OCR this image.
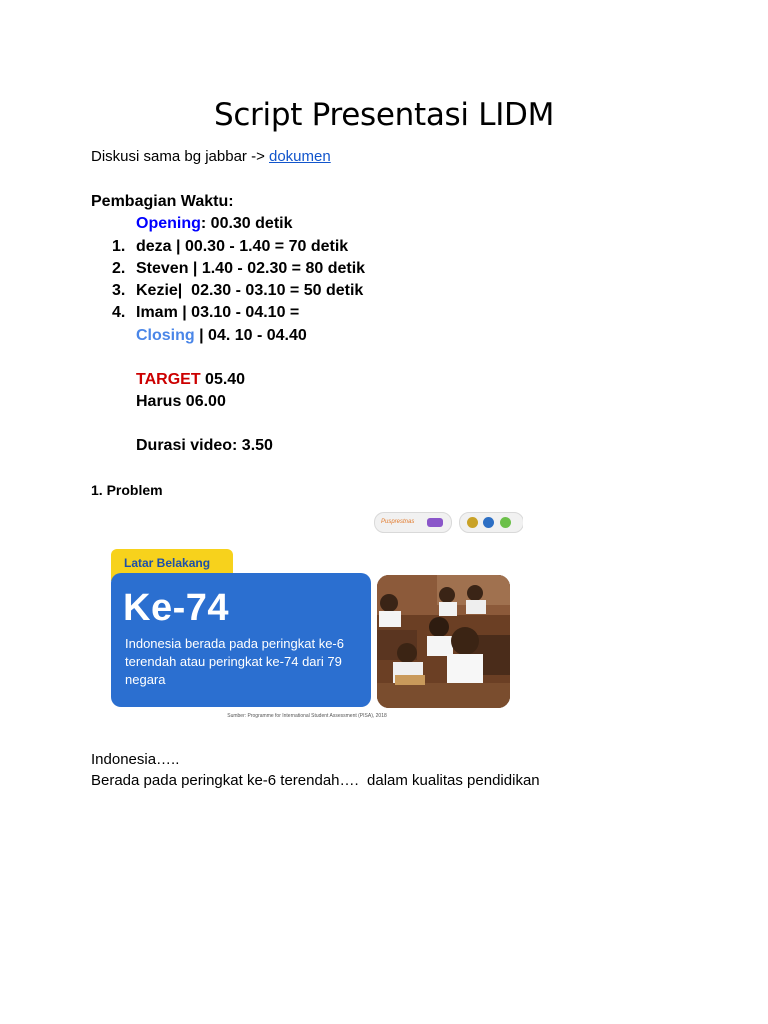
Script Presentasi LIDM
Diskusi sama bg jabbar -> dokumen
Pembagian Waktu:
Opening: 00.30 detik
1. deza | 00.30 - 1.40 = 70 detik
2. Steven | 1.40 - 02.30 = 80 detik
3. Kezie|  02.30 - 03.10 = 50 detik
4. Imam | 03.10 - 04.10 =
Closing | 04. 10 - 04.40
TARGET 05.40
Harus 06.00
Durasi video: 3.50
1. Problem
Pusprestnas
Latar Belakang
Ke-74
Indonesia berada pada peringkat ke-6 terendah atau peringkat ke-74 dari 79 negara
Sumber: Programme for International Student Assessment (PISA), 2018
Indonesia…..
Berada pada peringkat ke-6 terendah….  dalam kualitas pendidikan
